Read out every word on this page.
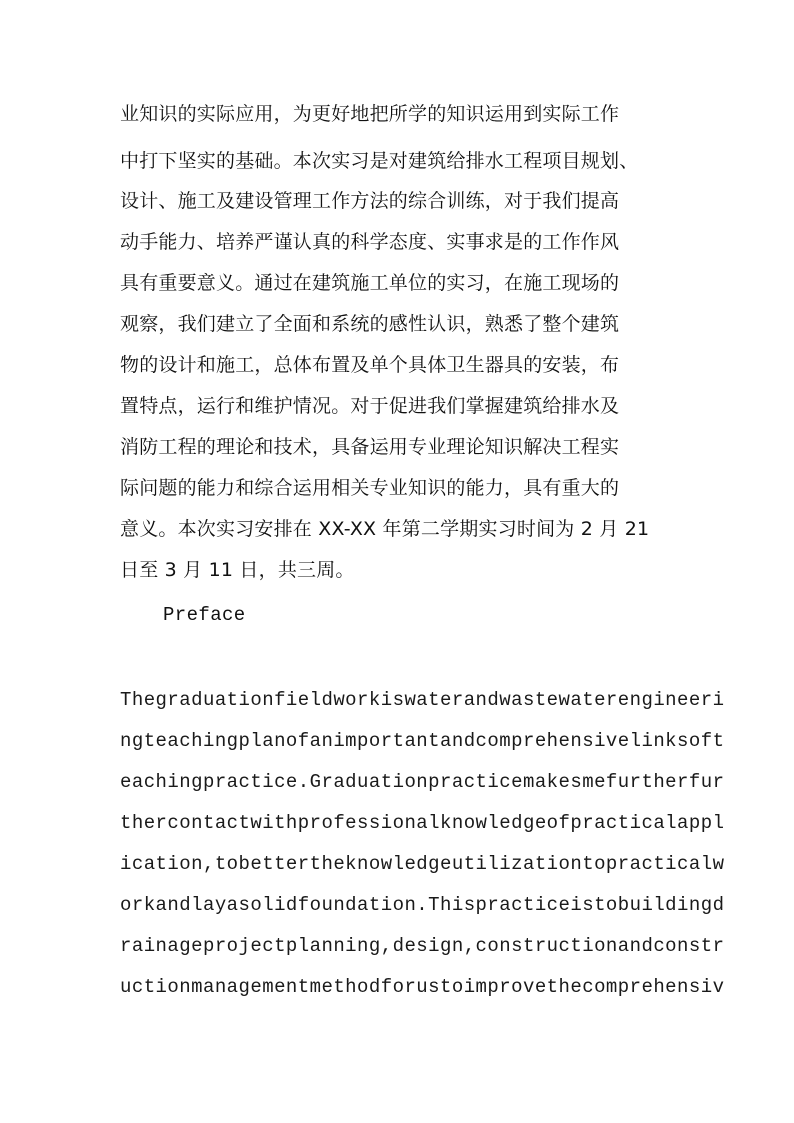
业知识的实际应用，为更好地把所学的知识运用到实际工作
中打下坚实的基础。本次实习是对建筑给排水工程项目规划、
设计、施工及建设管理工作方法的综合训练，对于我们提高
动手能力、培养严谨认真的科学态度、实事求是的工作作风
具有重要意义。通过在建筑施工单位的实习，在施工现场的
观察，我们建立了全面和系统的感性认识，熟悉了整个建筑
物的设计和施工，总体布置及单个具体卫生器具的安装，布
置特点，运行和维护情况。对于促进我们掌握建筑给排水及
消防工程的理论和技术，具备运用专业理论知识解决工程实
际问题的能力和综合运用相关专业知识的能力，具有重大的
意义。本次实习安排在 XX-XX 年第二学期实习时间为 2 月 21
日至 3 月 11 日，共三周。
Preface
Thegraduationfieldworkiswaterandwastewaterengineeri
ngteachingplanofanimportantandcomprehensivelinksoft
eachingpractice.Graduationpracticemakesmefurtherfur
thercontactwithprofessionalknowledgeofpracticalappl
ication,tobettertheknowledgeutilizationtopracticalw
orkandlayasolidfoundation.Thispracticeistobuildingd
rainageprojectplanning,design,constructionandconstr
uctionmanagementmethodforustoimprovethecomprehensiv
